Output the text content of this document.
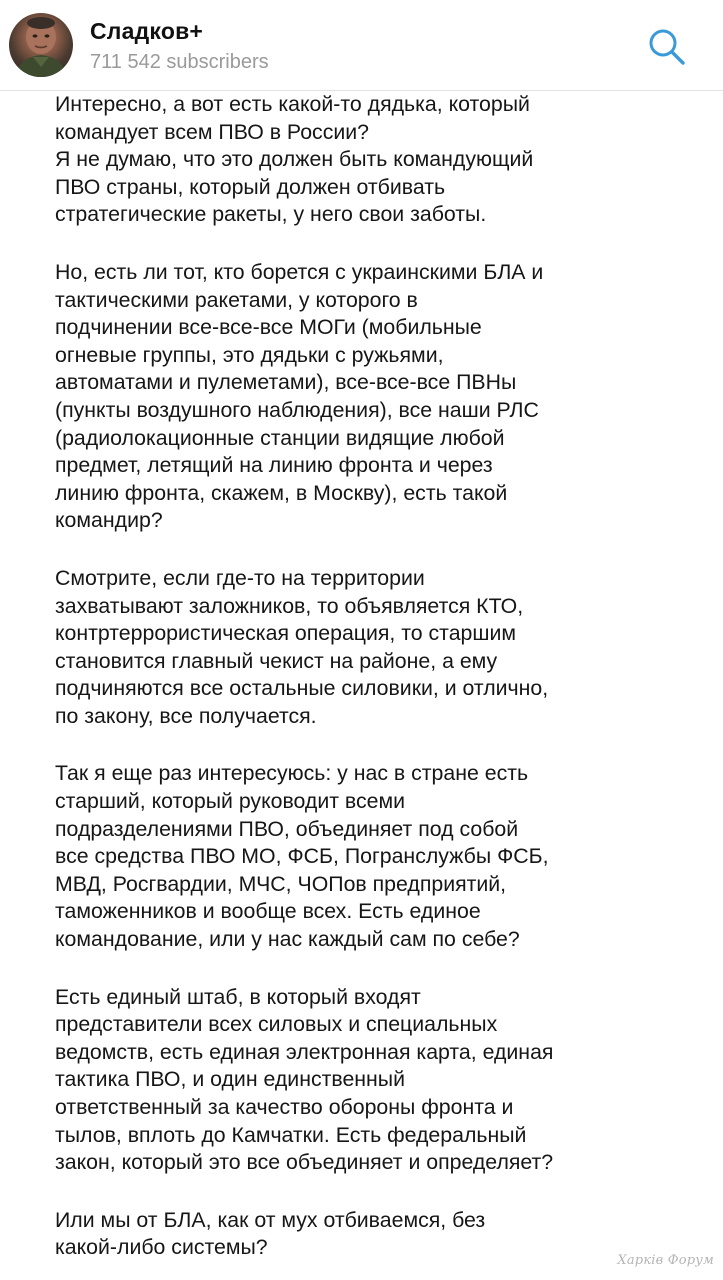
Сладков+
711 542 subscribers

Интересно, а вот есть какой-то дядька, который
командует всем ПВО в России?
Я не думаю, что это должен быть командующий
ПВО страны, который должен отбивать
стратегические ракеты, у него свои заботы.

Но, есть ли тот, кто борется с украинскими БЛА и
тактическими ракетами, у которого в
подчинении все-все-все МОГи (мобильные
огневые группы, это дядьки с ружьями,
автоматами и пулеметами), все-все-все ПВНы
(пункты воздушного наблюдения), все наши РЛС
(радиолокационные станции видящие любой
предмет, летящий на линию фронта и через
линию фронта, скажем, в Москву), есть такой
командир?

Смотрите, если где-то на территории
захватывают заложников, то объявляется КТО,
контртеррористическая операция, то старшим
становится главный чекист на районе, а ему
подчиняются все остальные силовики, и отлично,
по закону, все получается.

Так я еще раз интересуюсь: у нас в стране есть
старший, который руководит всеми
подразделениями ПВО, объединяет под собой
все средства ПВО МО, ФСБ, Погранслужбы ФСБ,
МВД, Росгвардии, МЧС, ЧОПов предприятий,
таможенников и вообще всех. Есть единое
командование, или у нас каждый сам по себе?

Есть единый штаб, в который входят
представители всех силовых и специальных
ведомств, есть единая электронная карта, единая
тактика ПВО, и один единственный
ответственный за качество обороны фронта и
тылов, вплоть до Камчатки. Есть федеральный
закон, который это все объединяет и определяет?

Или мы от БЛА, как от мух отбиваемся, без
какой-либо системы?

Харків Форум
